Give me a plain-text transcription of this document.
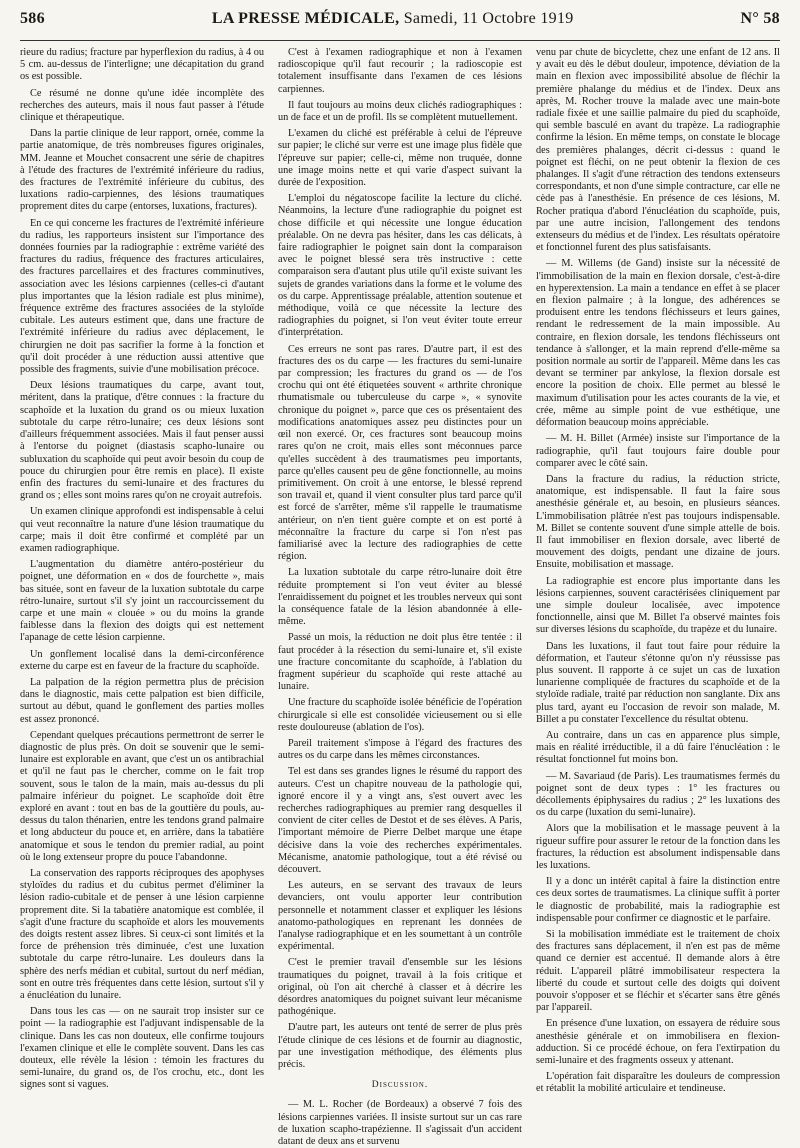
586	LA PRESSE MÉDICALE, Samedi, 11 Octobre 1919	N° 58

rieure du radius; fracture par hyperflexion du radius, à 4 ou 5 cm. au-dessus de l'interligne; une décapitation du grand os est possible.

Ce résumé ne donne qu'une idée incomplète des recherches des auteurs, mais il nous faut passer à l'étude clinique et thérapeutique.

Dans la partie clinique de leur rapport, ornée, comme la partie anatomique, de très nombreuses figures originales, MM. Jeanne et Mouchet consacrent une série de chapitres à l'étude des fractures de l'extrémité inférieure du radius, des fractures de l'extrémité inférieure du cubitus, des luxations radio-carpiennes, des lésions traumatiques proprement dites du carpe (entorses, luxations, fractures).

En ce qui concerne les fractures de l'extrémité inférieure du radius, les rapporteurs insistent sur l'importance des données fournies par la radiographie : extrême variété des fractures du radius, fréquence des fractures articulaires, des fractures parcellaires et des fractures comminutives, association avec les lésions carpiennes (celles-ci d'autant plus importantes que la lésion radiale est plus minime), fréquence extrême des fractures associées de la styloïde cubitale. Les auteurs estiment que, dans une fracture de l'extrémité inférieure du radius avec déplacement, le chirurgien ne doit pas sacrifier la forme à la fonction et qu'il doit procéder à une réduction aussi attentive que possible des fragments, suivie d'une mobilisation précoce.

Deux lésions traumatiques du carpe, avant tout, méritent, dans la pratique, d'être connues : la fracture du scaphoïde et la luxation du grand os ou mieux luxation subtotale du carpe rétro-lunaire; ces deux lésions sont d'ailleurs fréquemment associées. Mais il faut penser aussi à l'entorse du poignet (diastasis scapho-lunaire ou subluxation du scaphoïde qui peut avoir besoin du coup de pouce du chirurgien pour être remis en place). Il existe enfin des fractures du semi-lunaire et des fractures du grand os ; elles sont moins rares qu'on ne croyait autrefois.

Un examen clinique approfondi est indispensable à celui qui veut reconnaître la nature d'une lésion traumatique du carpe; mais il doit être confirmé et complété par un examen radiographique.

L'augmentation du diamètre antéro-postérieur du poignet, une déformation en « dos de fourchette », mais bas située, sont en faveur de la luxation subtotale du carpe rétro-lunaire, surtout s'il s'y joint un raccourcissement du carpe et une main « clouée » ou du moins la grande faiblesse dans la flexion des doigts qui est nettement l'apanage de cette lésion carpienne.

Un gonflement localisé dans la demi-circonférence externe du carpe est en faveur de la fracture du scaphoïde.

La palpation de la région permettra plus de précision dans le diagnostic, mais cette palpation est bien difficile, surtout au début, quand le gonflement des parties molles est assez prononcé.

Cependant quelques précautions permettront de serrer le diagnostic de plus près. On doit se souvenir que le semi-lunaire est explorable en avant, que c'est un os antibrachial et qu'il ne faut pas le chercher, comme on le fait trop souvent, sous le talon de la main, mais au-dessus du pli palmaire inférieur du poignet. Le scaphoïde doit être exploré en avant : tout en bas de la gouttière du pouls, au-dessus du talon thénarien, entre les tendons grand palmaire et long abducteur du pouce et, en arrière, dans la tabatière anatomique et sous le tendon du premier radial, au point où le long extenseur propre du pouce l'abandonne.

La conservation des rapports réciproques des apophyses styloïdes du radius et du cubitus permet d'éliminer la lésion radio-cubitale et de penser à une lésion carpienne proprement dite. Si la tabatière anatomique est comblée, il s'agit d'une fracture du scaphoïde et alors les mouvements des doigts restent assez libres. Si ceux-ci sont limités et la force de préhension très diminuée, c'est une luxation subtotale du carpe rétro-lunaire. Les douleurs dans la sphère des nerfs médian et cubital, surtout du nerf médian, sont en outre très fréquentes dans cette lésion, surtout s'il y a énucléation du lunaire.

Dans tous les cas — on ne saurait trop insister sur ce point — la radiographie est l'adjuvant indispensable de la clinique. Dans les cas non douteux, elle confirme toujours l'examen clinique et elle le complète souvent. Dans les cas douteux, elle révèle la lésion : témoin les fractures du semi-lunaire, du grand os, de l'os crochu, etc., dont les signes sont si vagues.

C'est à l'examen radiographique et non à l'examen radioscopique qu'il faut recourir ; la radioscopie est totalement insuffisante dans l'examen de ces lésions carpiennes.

Il faut toujours au moins deux clichés radiographiques : un de face et un de profil. Ils se complètent mutuellement.

L'examen du cliché est préférable à celui de l'épreuve sur papier; le cliché sur verre est une image plus fidèle que l'épreuve sur papier; celle-ci, même non truquée, donne une image moins nette et qui varie d'aspect suivant la durée de l'exposition.

L'emploi du négatoscope facilite la lecture du cliché. Néanmoins, la lecture d'une radiographie du poignet est chose difficile et qui nécessite une longue éducation préalable. On ne devra pas hésiter, dans les cas délicats, à faire radiographier le poignet sain dont la comparaison avec le poignet blessé sera très instructive : cette comparaison sera d'autant plus utile qu'il existe suivant les sujets de grandes variations dans la forme et le volume des os du carpe. Apprentissage préalable, attention soutenue et méthodique, voilà ce que nécessite la lecture des radiographies du poignet, si l'on veut éviter toute erreur d'interprétation.

Ces erreurs ne sont pas rares. D'autre part, il est des fractures des os du carpe — les fractures du semi-lunaire par compression; les fractures du grand os — de l'os crochu qui ont été étiquetées souvent « arthrite chronique rhumatismale ou tuberculeuse du carpe », « synovite chronique du poignet », parce que ces os présentaient des modifications anatomiques assez peu distinctes pour un œil non exercé. Or, ces fractures sont beaucoup moins rares qu'on ne croit, mais elles sont méconnues parce qu'elles succèdent à des traumatismes peu importants, parce qu'elles causent peu de gêne fonctionnelle, au moins primitivement. On croit à une entorse, le blessé reprend son travail et, quand il vient consulter plus tard parce qu'il est forcé de s'arrêter, même s'il rappelle le traumatisme antérieur, on n'en tient guère compte et on est porté à méconnaître la fracture du carpe si l'on n'est pas familiarisé avec la lecture des radiographies de cette région.

La luxation subtotale du carpe rétro-lunaire doit être réduite promptement si l'on veut éviter au blessé l'enraidissement du poignet et les troubles nerveux qui sont la conséquence fatale de la lésion abandonnée à elle-même.

Passé un mois, la réduction ne doit plus être tentée : il faut procéder à la résection du semi-lunaire et, s'il existe une fracture concomitante du scaphoïde, à l'ablation du fragment supérieur du scaphoïde qui reste attaché au lunaire.

Une fracture du scaphoïde isolée bénéficie de l'opération chirurgicale si elle est consolidée vicieusement ou si elle reste douloureuse (ablation de l'os).

Pareil traitement s'impose à l'égard des fractures des autres os du carpe dans les mêmes circonstances.

Tel est dans ses grandes lignes le résumé du rapport des auteurs. C'est un chapitre nouveau de la pathologie qui, ignoré encore il y a vingt ans, s'est ouvert avec les recherches radiographiques au premier rang desquelles il convient de citer celles de Destot et de ses élèves. A Paris, l'important mémoire de Pierre Delbet marque une étape décisive dans la voie des recherches expérimentales. Mécanisme, anatomie pathologique, tout a été révisé ou découvert.

Les auteurs, en se servant des travaux de leurs devanciers, ont voulu apporter leur contribution personnelle et notamment classer et expliquer les lésions anatomo-pathologiques en reprenant les données de l'analyse radiographique et en les soumettant à un contrôle expérimental.

C'est le premier travail d'ensemble sur les lésions traumatiques du poignet, travail à la fois critique et original, où l'on ait cherché à classer et à décrire les désordres anatomiques du poignet suivant leur mécanisme pathogénique.

D'autre part, les auteurs ont tenté de serrer de plus près l'étude clinique de ces lésions et de fournir au diagnostic, par une investigation méthodique, des éléments plus précis.

Discussion.

— M. L. Rocher (de Bordeaux) a observé 7 fois des lésions carpiennes variées. Il insiste surtout sur un cas rare de luxation scapho-trapézienne. Il s'agissait d'un accident datant de deux ans et survenu

venu par chute de bicyclette, chez une enfant de 12 ans. Il y avait eu dès le début douleur, impotence, déviation de la main en flexion avec impossibilité absolue de fléchir la première phalange du médius et de l'index. Deux ans après, M. Rocher trouve la malade avec une main-bote radiale fixée et une saillie palmaire du pied du scaphoïde, qui semble basculé en avant du trapèze. La radiographie confirme la lésion. En même temps, on constate le blocage des premières phalanges, décrit ci-dessus : quand le poignet est fléchi, on ne peut obtenir la flexion de ces phalanges. Il s'agit d'une rétraction des tendons extenseurs correspondants, et non d'une simple contracture, car elle ne cède pas à l'anesthésie. En présence de ces lésions, M. Rocher pratiqua d'abord l'énucléation du scaphoïde, puis, par une autre incision, l'allongement des tendons extenseurs du médius et de l'index. Les résultats opératoire et fonctionnel furent des plus satisfaisants.

— M. Willems (de Gand) insiste sur la nécessité de l'immobilisation de la main en flexion dorsale, c'est-à-dire en hyperextension. La main a tendance en effet à se placer en flexion palmaire ; à la longue, des adhérences se produisent entre les tendons fléchisseurs et leurs gaines, rendant le redressement de la main impossible. Au contraire, en flexion dorsale, les tendons fléchisseurs ont tendance à s'allonger, et la main reprend d'elle-même sa position normale au sortir de l'appareil. Même dans les cas devant se terminer par ankylose, la flexion dorsale est encore la position de choix. Elle permet au blessé le maximum d'utilisation pour les actes courants de la vie, et crée, même au simple point de vue esthétique, une déformation beaucoup moins appréciable.

— M. H. Billet (Armée) insiste sur l'importance de la radiographie, qu'il faut toujours faire double pour comparer avec le côté sain.

Dans la fracture du radius, la réduction stricte, anatomique, est indispensable. Il faut la faire sous anesthésie générale et, au besoin, en plusieurs séances. L'immobilisation plâtrée n'est pas toujours indispensable. M. Billet se contente souvent d'une simple attelle de bois. Il faut immobiliser en flexion dorsale, avec liberté de mouvement des doigts, pendant une dizaine de jours. Ensuite, mobilisation et massage.

La radiographie est encore plus importante dans les lésions carpiennes, souvent caractérisées cliniquement par une simple douleur localisée, avec impotence fonctionnelle, ainsi que M. Billet l'a observé maintes fois sur diverses lésions du scaphoïde, du trapèze et du lunaire.

Dans les luxations, il faut tout faire pour réduire la déformation, et l'auteur s'étonne qu'on n'y réussisse pas plus souvent. Il rapporte à ce sujet un cas de luxation lunarienne compliquée de fractures du scaphoïde et de la styloïde radiale, traité par réduction non sanglante. Dix ans plus tard, ayant eu l'occasion de revoir son malade, M. Billet a pu constater l'excellence du résultat obtenu.

Au contraire, dans un cas en apparence plus simple, mais en réalité irréductible, il a dû faire l'énucléation : le résultat fonctionnel fut moins bon.

— M. Savariaud (de Paris). Les traumatismes fermés du poignet sont de deux types : 1° les fractures ou décollements épiphysaires du radius ; 2° les luxations des os du carpe (luxation du semi-lunaire).

Alors que la mobilisation et le massage peuvent à la rigueur suffire pour assurer le retour de la fonction dans les fractures, la réduction est absolument indispensable dans les luxations.

Il y a donc un intérêt capital à faire la distinction entre ces deux sortes de traumatismes. La clinique suffit à porter le diagnostic de probabilité, mais la radiographie est indispensable pour confirmer ce diagnostic et le parfaire.

Si la mobilisation immédiate est le traitement de choix des fractures sans déplacement, il n'en est pas de même quand ce dernier est accentué. Il demande alors à être réduit. L'appareil plâtré immobilisateur respectera la liberté du coude et surtout celle des doigts qui doivent pouvoir s'opposer et se fléchir et s'écarter sans être gênés par l'appareil.

En présence d'une luxation, on essayera de réduire sous anesthésie générale et on immobilisera en flexion-adduction. Si ce procédé échoue, on fera l'extirpation du semi-lunaire et des fragments osseux y attenant.

L'opération fait disparaître les douleurs de compression et rétablit la mobilité articulaire et tendineuse.
